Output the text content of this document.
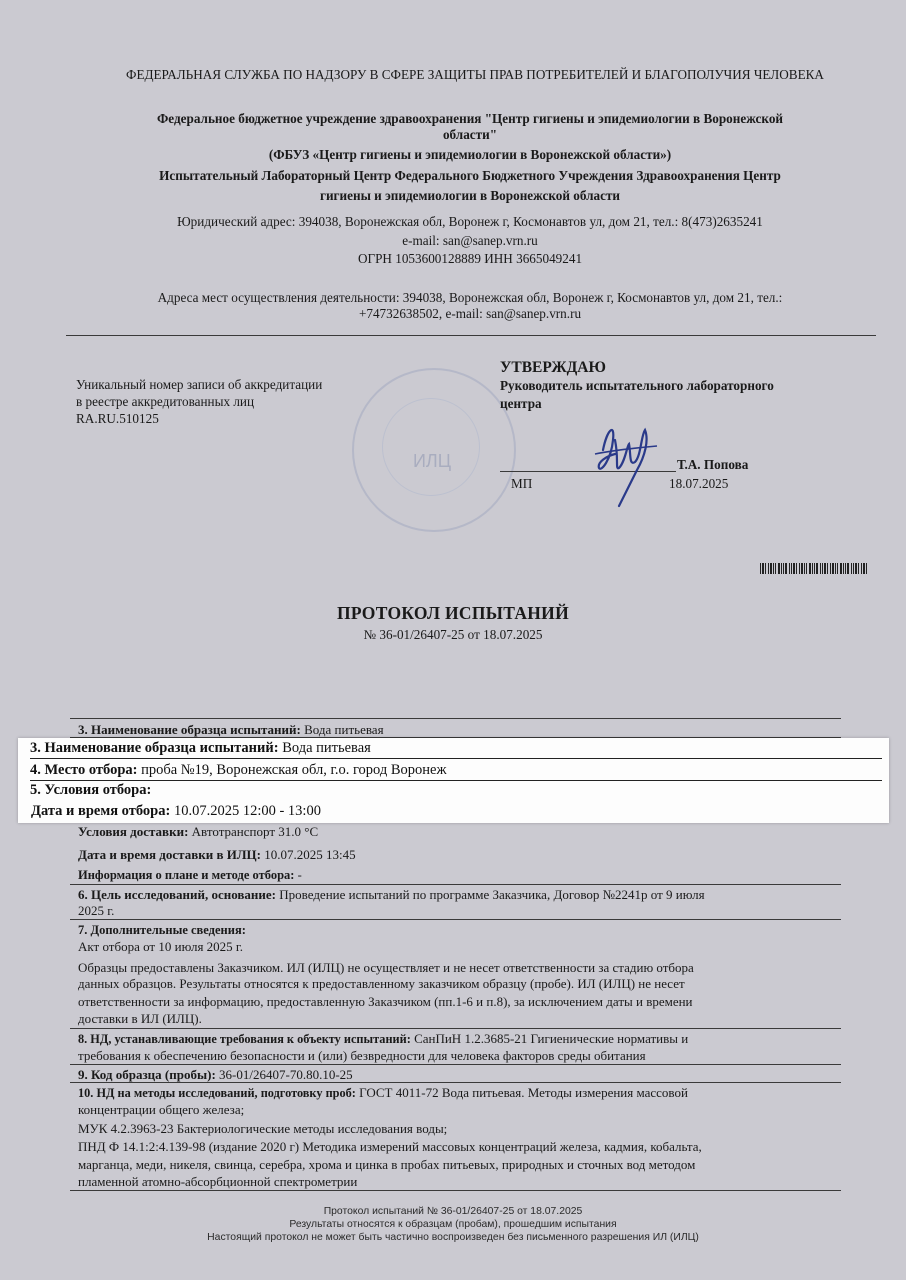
ФЕДЕРАЛЬНАЯ СЛУЖБА ПО НАДЗОРУ В СФЕРЕ ЗАЩИТЫ ПРАВ ПОТРЕБИТЕЛЕЙ И БЛАГОПОЛУЧИЯ ЧЕЛОВЕКА
Федеральное бюджетное учреждение здравоохранения "Центр гигиены и эпидемиологии в Воронежской
области"
(ФБУЗ «Центр гигиены и эпидемиологии в Воронежской области»)
Испытательный Лабораторный Центр Федерального Бюджетного Учреждения Здравоохранения Центр
гигиены и эпидемиологии в Воронежской области
Юридический адрес: 394038, Воронежская обл, Воронеж г, Космонавтов ул, дом 21, тел.: 8(473)2635241
e-mail: san@sanep.vrn.ru
ОГРН 1053600128889 ИНН 3665049241
Адреса мест осуществления деятельности: 394038, Воронежская обл, Воронеж г, Космонавтов ул, дом 21, тел.:
+74732638502, e-mail: san@sanep.vrn.ru
Уникальный номер записи об аккредитации
в реестре аккредитованных лиц
RA.RU.510125
ИЛЦ
УТВЕРЖДАЮ
Руководитель испытательного лабораторного
центра
Т.А. Попова
МП	18.07.2025
ПРОТОКОЛ ИСПЫТАНИЙ
№ 36-01/26407-25 от 18.07.2025
3. Наименование образца испытаний: Вода питьевая
3. Наименование образца испытаний: Вода питьевая
4. Место отбора: проба №19, Воронежская обл, г.о. город Воронеж
5. Условия отбора:
Дата и время отбора: 10.07.2025 12:00 - 13:00
Условия доставки: Автотранспорт 31.0 °С
Дата и время доставки в ИЛЦ: 10.07.2025 13:45
Информация о плане и методе отбора: -
6. Цель исследований, основание: Проведение испытаний по программе Заказчика, Договор №2241р от 9 июля
2025 г.
7. Дополнительные сведения:
Акт отбора от 10 июля 2025 г.
Образцы предоставлены Заказчиком. ИЛ (ИЛЦ) не осуществляет и не несет ответственности за стадию отбора
данных образцов. Результаты относятся к предоставленному заказчиком образцу (пробе). ИЛ (ИЛЦ) не несет
ответственности за информацию, предоставленную Заказчиком (пп.1-6 и п.8), за исключением даты и времени
доставки в ИЛ (ИЛЦ).
8. НД, устанавливающие требования к объекту испытаний: СанПиН 1.2.3685-21 Гигиенические нормативы и
требования к обеспечению безопасности и (или) безвредности для человека факторов среды обитания
9. Код образца (пробы): 36-01/26407-70.80.10-25
10. НД на методы исследований, подготовку проб: ГОСТ 4011-72 Вода питьевая. Методы измерения массовой
концентрации общего железа;
МУК 4.2.3963-23 Бактериологические методы исследования воды;
ПНД Ф 14.1:2:4.139-98 (издание 2020 г) Методика измерений массовых концентраций железа, кадмия, кобальта,
марганца, меди, никеля, свинца, серебра, хрома и цинка в пробах питьевых, природных и сточных вод методом
пламенной атомно-абсорбционной спектрометрии
Протокол испытаний № 36-01/26407-25 от 18.07.2025
Результаты относятся к образцам (пробам), прошедшим испытания
Настоящий протокол не может быть частично воспроизведен без письменного разрешения ИЛ (ИЛЦ)
